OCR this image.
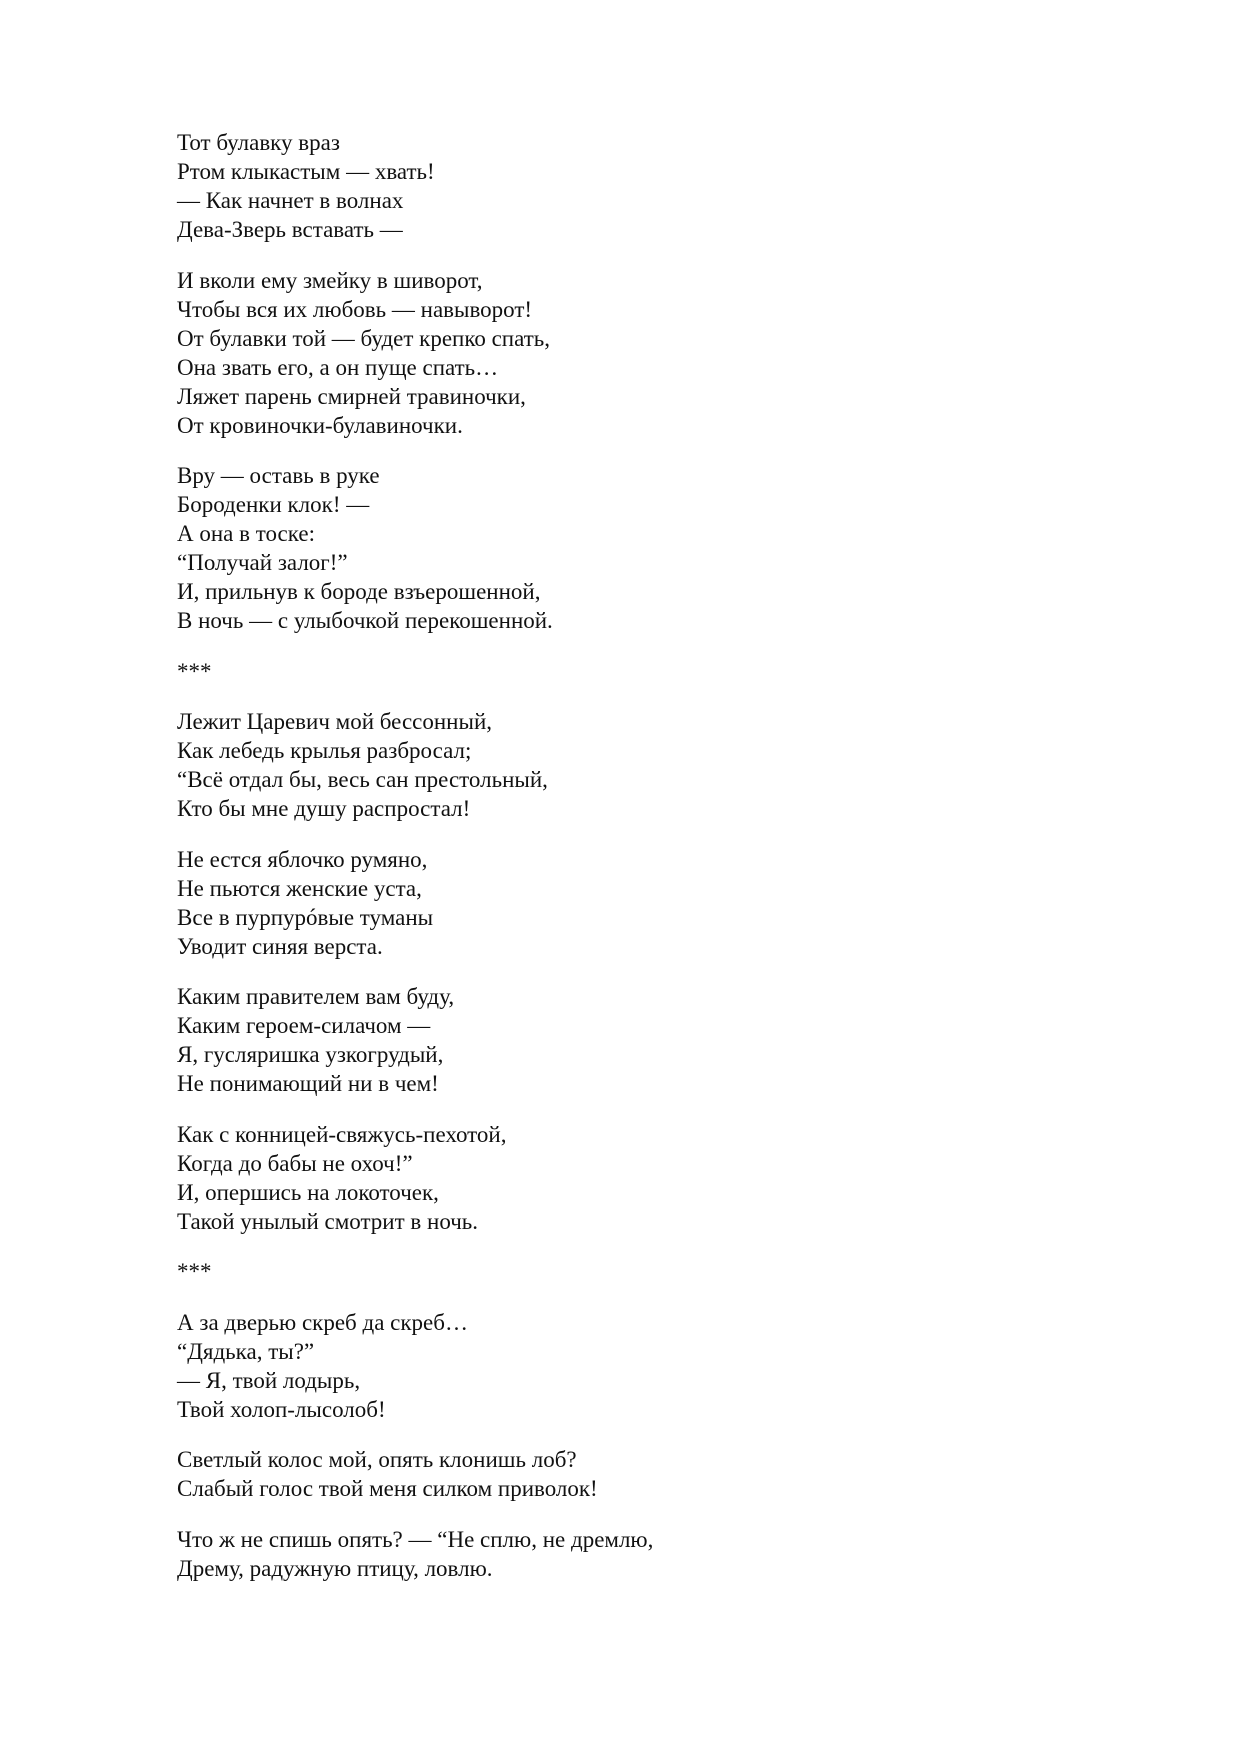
Тот булавку враз
Ртом клыкастым — хвать!
— Как начнет в волнах
Дева-Зверь вставать —
И вколи ему змейку в шиворот,
Чтобы вся их любовь — навыворот!
От булавки той — будет крепко спать,
Она звать его, а он пуще спать…
Ляжет парень смирней травиночки,
От кровиночки-булавиночки.
Вру — оставь в руке
Бороденки клок! —
А она в тоске:
“Получай залог!”
И, прильнув к бороде взъерошенной,
В ночь — с улыбочкой перекошенной.
***
Лежит Царевич мой бессонный,
Как лебедь крылья разбросал;
“Всё отдал бы, весь сан престольный,
Кто бы мне душу распростал!
Не естся яблочко румяно,
Не пьются женские уста,
Все в пурпурóвые туманы
Уводит синяя верста.
Каким правителем вам буду,
Каким героем-силачом —
Я, гусляришка узкогрудый,
Не понимающий ни в чем!
Как с конницей-свяжусь-пехотой,
Когда до бабы не охоч!”
И, опершись на локоточек,
Такой унылый смотрит в ночь.
***
А за дверью скреб да скреб…
“Дядька, ты?”
— Я, твой лодырь,
Твой холоп-лысолоб!
Светлый колос мой, опять клонишь лоб?
Слабый голос твой меня силком приволок!
Что ж не спишь опять? — “Не сплю, не дремлю,
Дрему, радужную птицу, ловлю.
